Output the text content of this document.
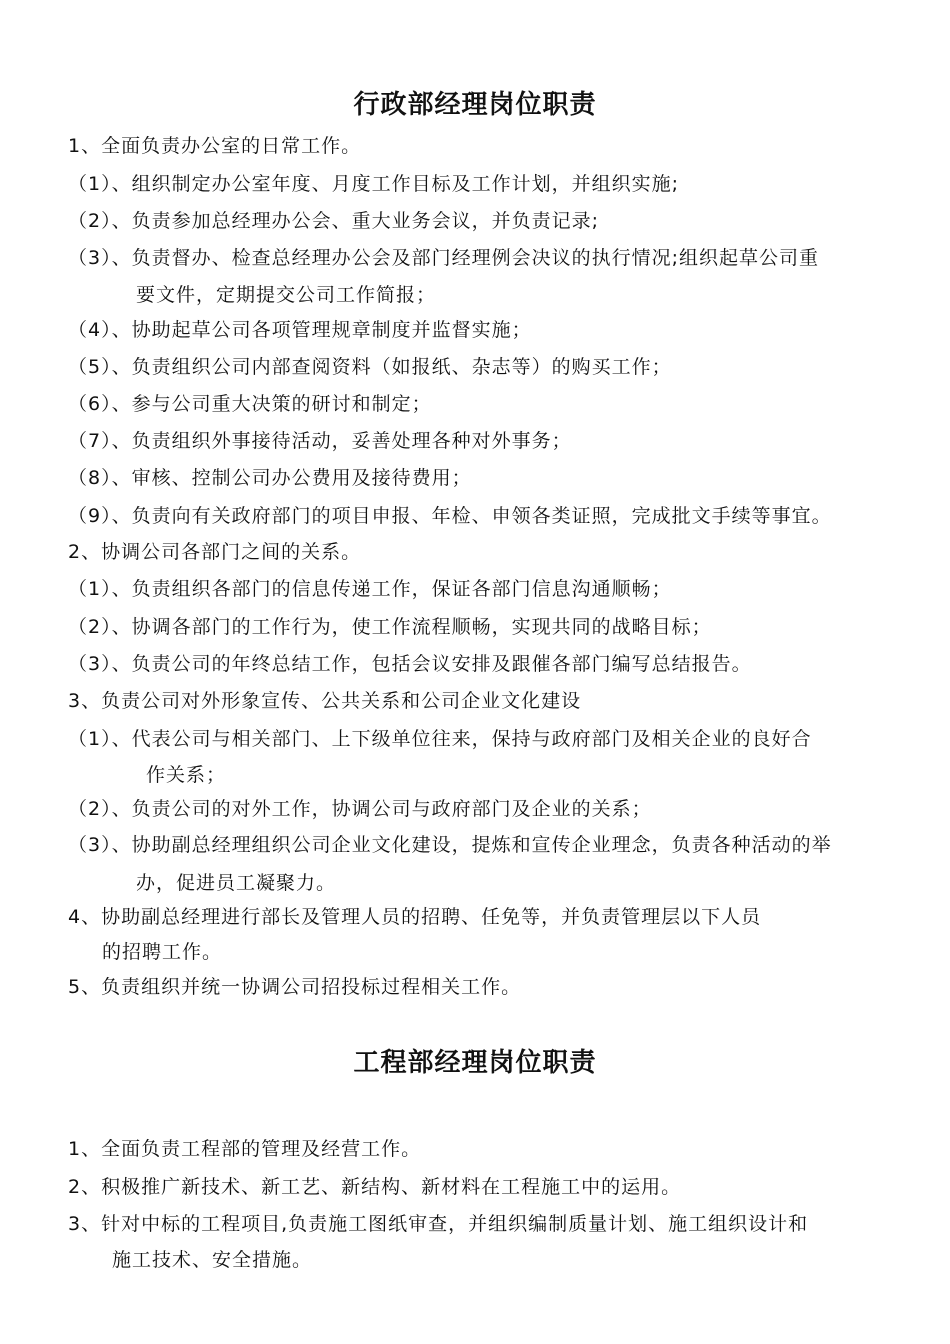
行政部经理岗位职责
1、全面负责办公室的日常工作。
（1）、组织制定办公室年度、月度工作目标及工作计划，并组织实施;
（2）、负责参加总经理办公会、重大业务会议，并负责记录;
（3）、负责督办、检查总经理办公会及部门经理例会决议的执行情况;组织起草公司重
要文件，定期提交公司工作简报；
（4）、协助起草公司各项管理规章制度并监督实施；
（5）、负责组织公司内部查阅资料（如报纸、杂志等）的购买工作；
（6）、参与公司重大决策的研讨和制定；
（7）、负责组织外事接待活动，妥善处理各种对外事务；
（8）、审核、控制公司办公费用及接待费用；
（9）、负责向有关政府部门的项目申报、年检、申领各类证照，完成批文手续等事宜。
2、协调公司各部门之间的关系。
（1）、负责组织各部门的信息传递工作，保证各部门信息沟通顺畅；
（2）、协调各部门的工作行为，使工作流程顺畅，实现共同的战略目标；
（3）、负责公司的年终总结工作，包括会议安排及跟催各部门编写总结报告。
3、负责公司对外形象宣传、公共关系和公司企业文化建设
（1）、代表公司与相关部门、上下级单位往来，保持与政府部门及相关企业的良好合
作关系；
（2）、负责公司的对外工作，协调公司与政府部门及企业的关系；
（3）、协助副总经理组织公司企业文化建设，提炼和宣传企业理念，负责各种活动的举
办，促进员工凝聚力。
4、协助副总经理进行部长及管理人员的招聘、任免等，并负责管理层以下人员
的招聘工作。
5、负责组织并统一协调公司招投标过程相关工作。
工程部经理岗位职责
1、全面负责工程部的管理及经营工作。
2、积极推广新技术、新工艺、新结构、新材料在工程施工中的运用。
3、针对中标的工程项目,负责施工图纸审查，并组织编制质量计划、施工组织设计和
施工技术、安全措施。
